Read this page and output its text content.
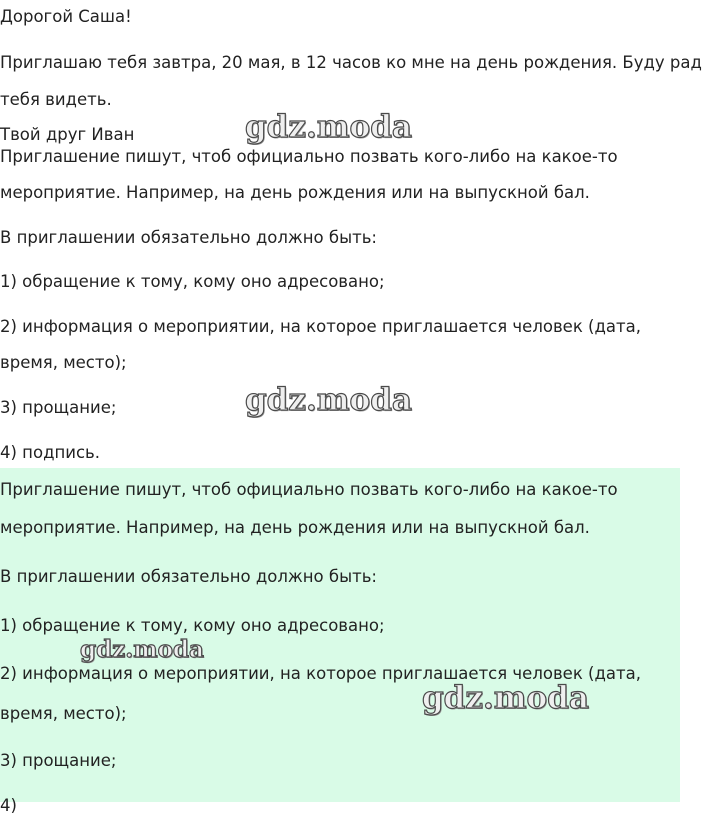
Дорогой Саша!

Приглашаю тебя завтра, 20 мая, в 12 часов ко мне на день рождения. Буду рад

тебя видеть.

Твой друг Иван

Приглашение пишут, чтоб официально позвать кого-либо на какое-то

мероприятие. Например, на день рождения или на выпускной бал.

В приглашении обязательно должно быть:

1) обращение к тому, кому оно адресовано;

2) информация о мероприятии, на которое приглашается человек (дата,

время, место);

3) прощание;

4) подпись.

Приглашение пишут, чтоб официально позвать кого-либо на какое-то

мероприятие. Например, на день рождения или на выпускной бал.

В приглашении обязательно должно быть:

1) обращение к тому, кому оно адресовано;

2) информация о мероприятии, на которое приглашается человек (дата,

время, место);

3) прощание;

4)

gdz.moda
gdz.moda
gdz.moda
gdz.moda
